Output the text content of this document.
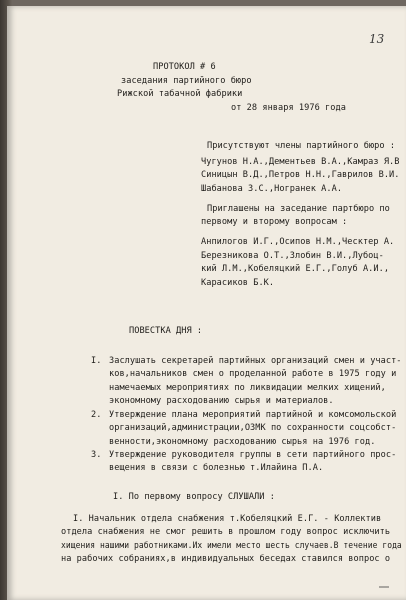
13
ПРОТОКОЛ # 6
заседания партийного бюро
Рижской табачной фабрики
от 28 января 1976 года
Присутствуют члены партийного бюро :
Чугунов Н.А.,Дементьев В.А.,Камраз Я.В
Синицын В.Д.,Петров Н.Н.,Гаврилов В.И.
Шабанова З.С.,Ногранек А.А.
Приглашены на заседание партбюро по
первому и второму вопросам :
Анпилогов И.Г.,Осипов Н.М.,Ческтер А.
Березникова О.Т.,Злобин В.И.,Лубоц-
кий Л.М.,Кобеляцкий Е.Г.,Голуб А.И.,
Карасиков Б.К.
ПОВЕСТКА ДНЯ :
I. Заслушать секретарей партийных организаций смен и участ-
ков,начальников смен о проделанной работе в 1975 году и
намечаемых мероприятиях по ликвидации мелких хищений,
экономному расходованию сырья и материалов.
2. Утверждение плана мероприятий партийной и комсомольской
организаций,администрации,ОЗМК по сохранности соцсобст-
венности,экономному расходованию сырья на 1976 год.
3. Утверждение руководителя группы в сети партийного прос-
вещения в связи с болезнью т.Илайина П.А.
I. По первому вопросу СЛУШАЛИ :
I. Начальник отдела снабжения т.Кобеляцкий Е.Г. - Коллектив
отдела снабжения не смог решить в прошлом году вопрос исключить
хищения нашими работниками.Их имели место шесть случаев.В течение года
на рабочих собраниях,в индивидуальных беседах ставился вопрос о
